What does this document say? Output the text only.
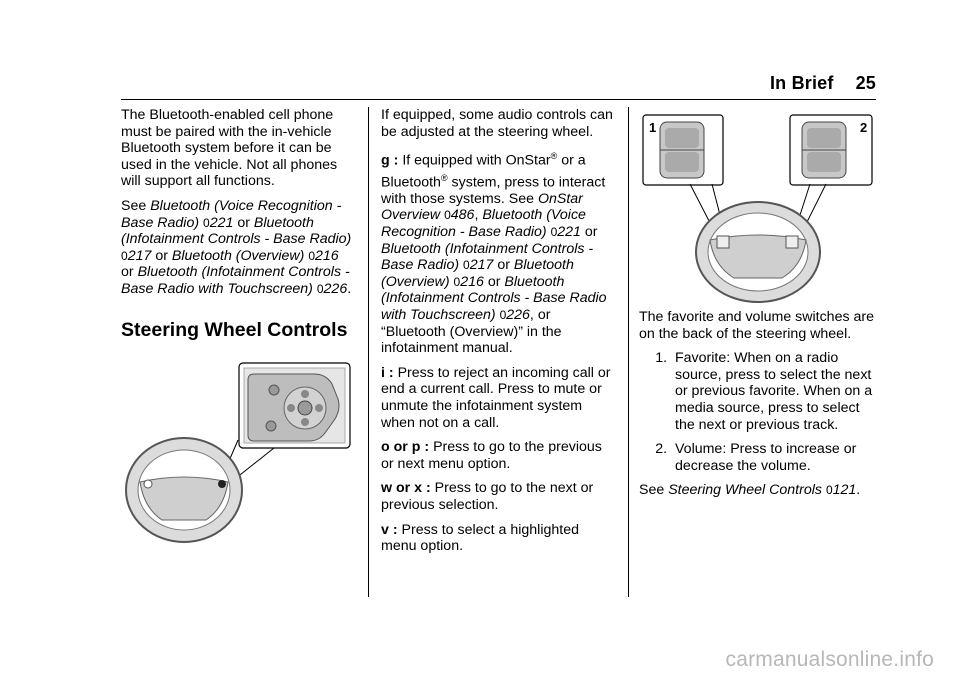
In Brief 25

The Bluetooth-enabled cell phone must be paired with the in-vehicle Bluetooth system before it can be used in the vehicle. Not all phones will support all functions.

See Bluetooth (Voice Recognition - Base Radio) 0221 or Bluetooth (Infotainment Controls - Base Radio) 0217 or Bluetooth (Overview) 0216 or Bluetooth (Infotainment Controls - Base Radio with Touchscreen) 0226.

Steering Wheel Controls

If equipped, some audio controls can be adjusted at the steering wheel.

g : If equipped with OnStar® or a Bluetooth® system, press to interact with those systems. See OnStar Overview 0486, Bluetooth (Voice Recognition - Base Radio) 0221 or Bluetooth (Infotainment Controls - Base Radio) 0217 or Bluetooth (Overview) 0216 or Bluetooth (Infotainment Controls - Base Radio with Touchscreen) 0226, or “Bluetooth (Overview)” in the infotainment manual.

i : Press to reject an incoming call or end a current call. Press to mute or unmute the infotainment system when not on a call.

o or p : Press to go to the previous or next menu option.

w or x : Press to go to the next or previous selection.

v : Press to select a highlighted menu option.

1	2

The favorite and volume switches are on the back of the steering wheel.

1. Favorite: When on a radio source, press to select the next or previous favorite. When on a media source, press to select the next or previous track.
2. Volume: Press to increase or decrease the volume.

See Steering Wheel Controls 0121.

carmanualsonline.info
